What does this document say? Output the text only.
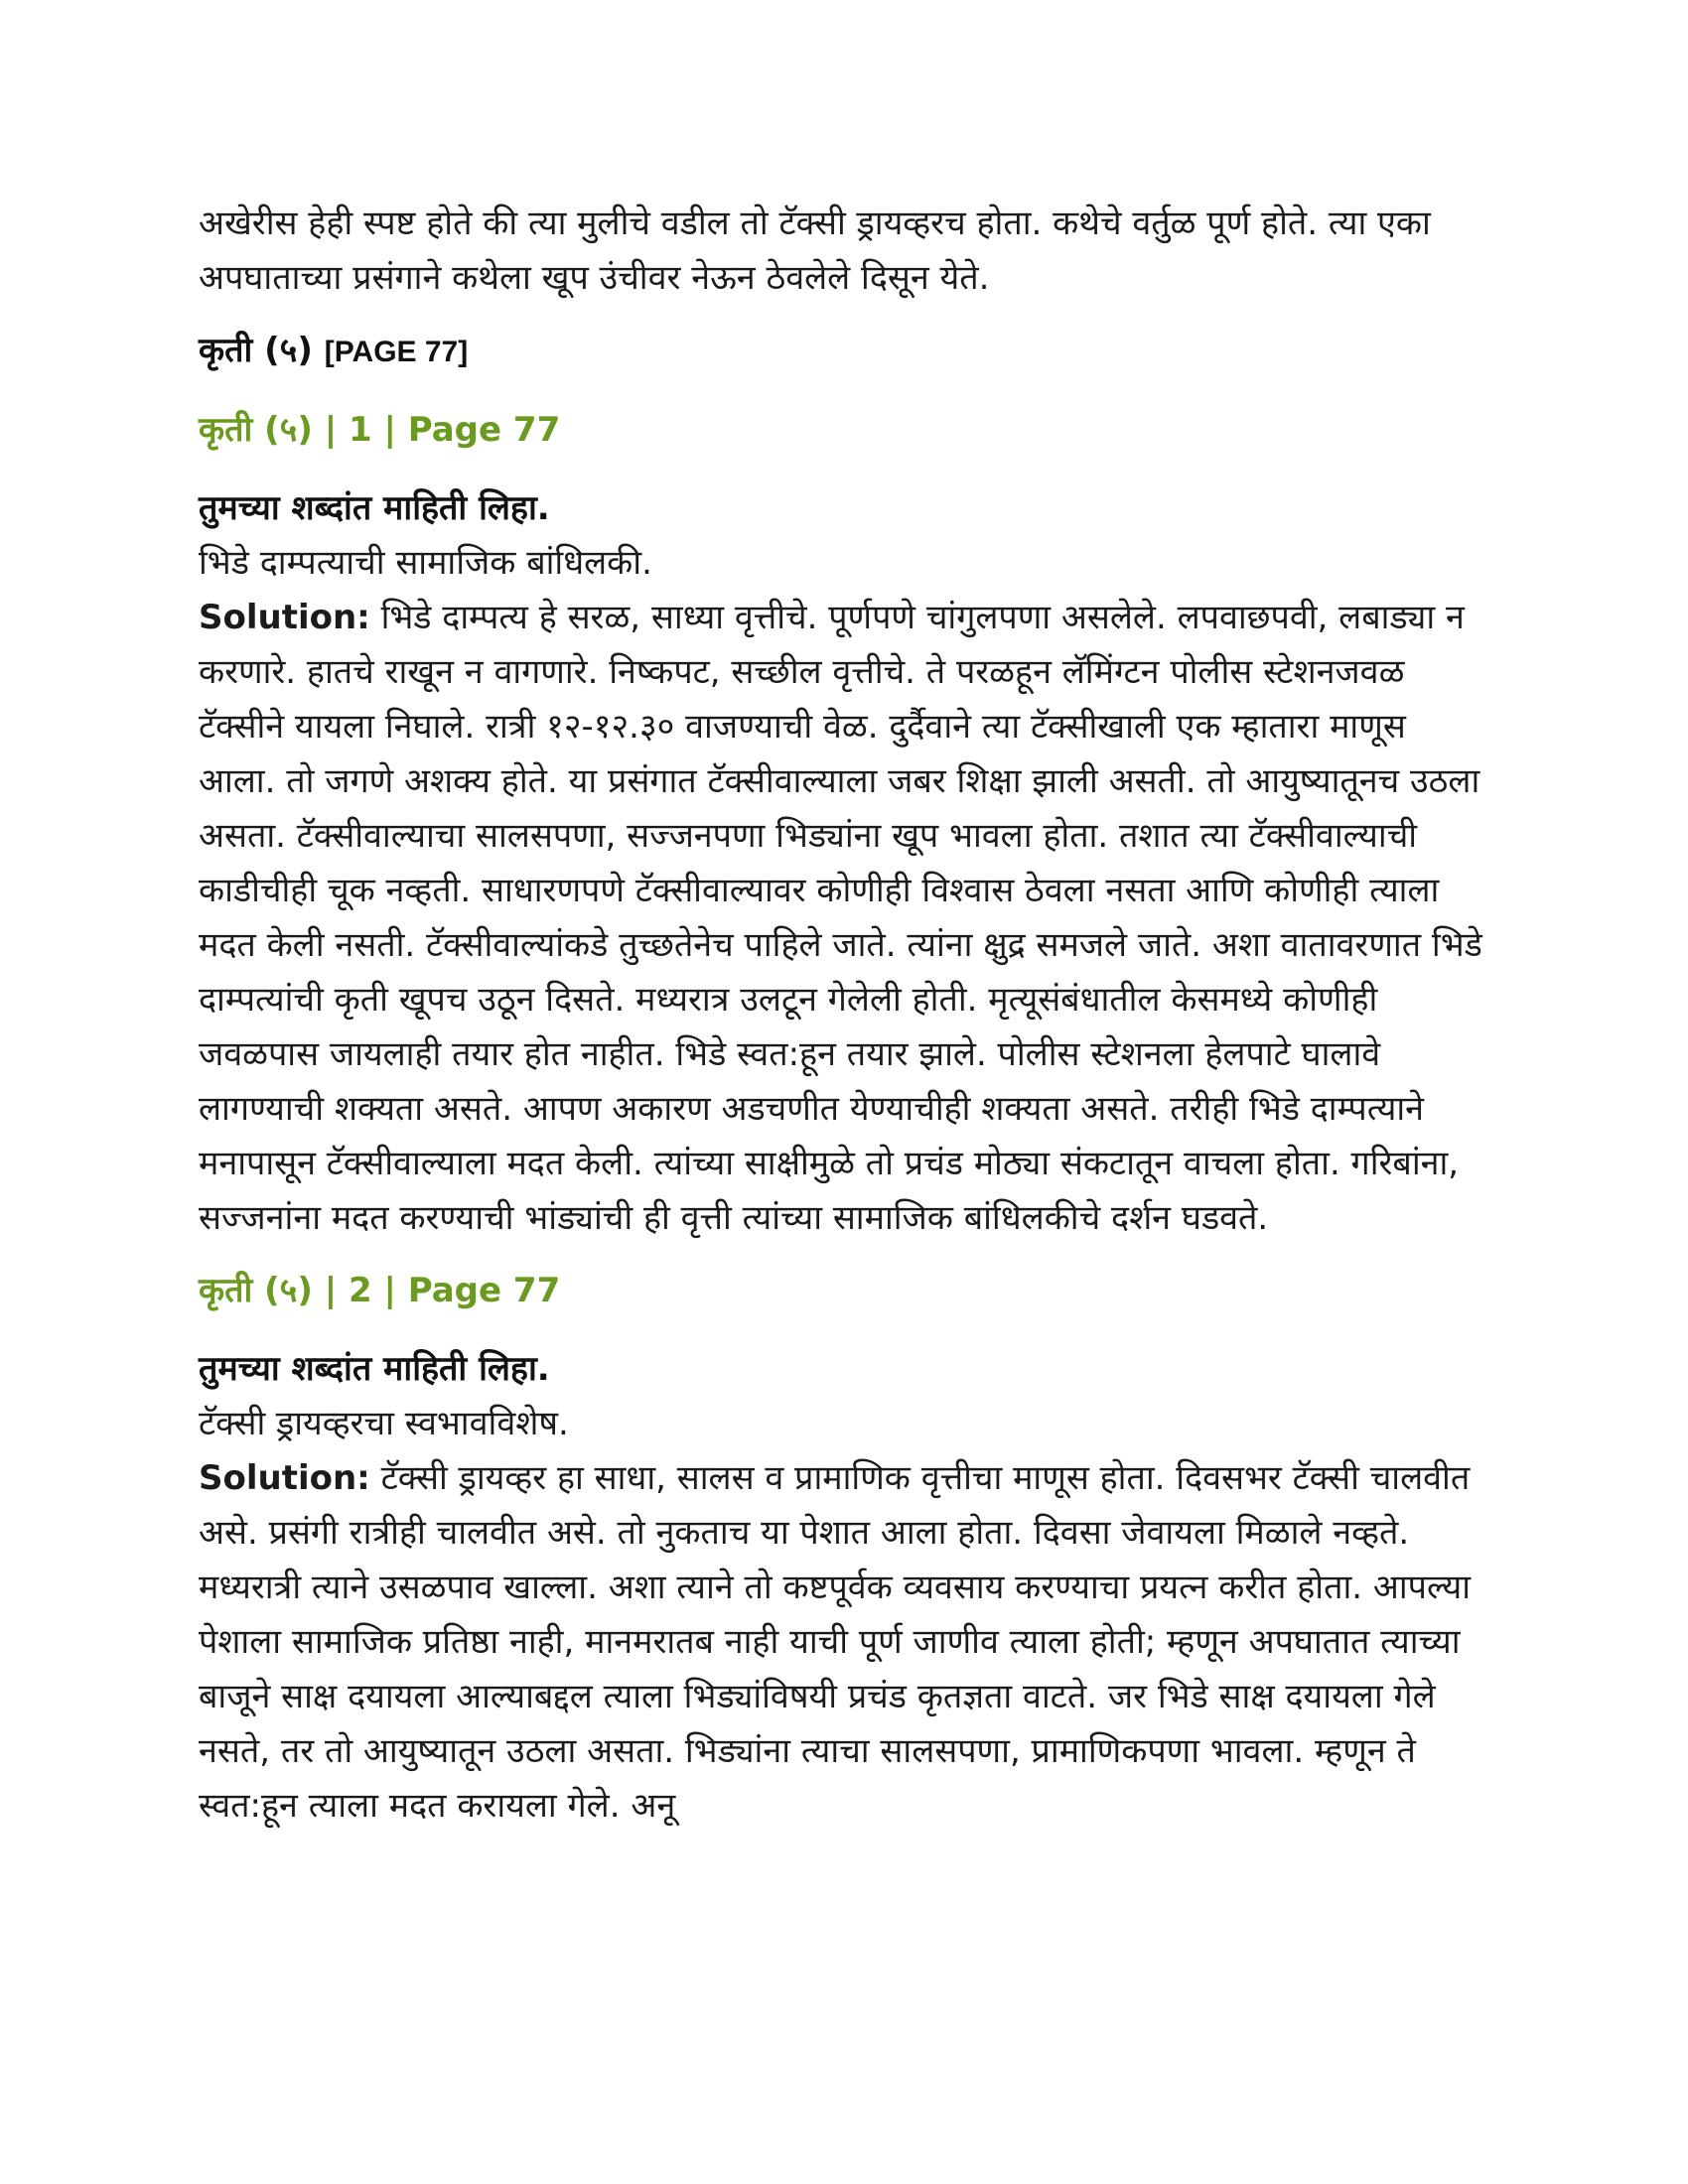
अखेरीस हेही स्पष्ट होते की त्या मुलीचे वडील तो टॅक्सी ड्रायव्हरच होता. कथेचे वर्तुळ पूर्ण होते. त्या एका अपघाताच्या प्रसंगाने कथेला खूप उंचीवर नेऊन ठेवलेले दिसून येते.

कृती (५) [PAGE 77]
कृती (५) | 1 | Page 77

तुमच्या शब्दांत माहिती लिहा.

भिडे दाम्पत्याची सामाजिक बांधिलकी.

Solution: भिडे दाम्पत्य हे सरळ, साध्या वृत्तीचे. पूर्णपणे चांगुलपणा असलेले. लपवाछपवी, लबाड्या न करणारे. हातचे राखून न वागणारे. निष्कपट, सच्छील वृत्तीचे. ते परळहून लॅमिंग्टन पोलीस स्टेशनजवळ टॅक्सीने यायला निघाले. रात्री १२-१२.३० वाजण्याची वेळ. दुर्दैवाने त्या टॅक्सीखाली एक म्हातारा माणूस आला. तो जगणे अशक्य होते. या प्रसंगात टॅक्सीवाल्याला जबर शिक्षा झाली असती. तो आयुष्यातूनच उठला असता. टॅक्सीवाल्याचा सालसपणा, सज्जनपणा भिड्यांना खूप भावला होता. तशात त्या टॅक्सीवाल्याची काडीचीही चूक नव्हती. साधारणपणे टॅक्सीवाल्यावर कोणीही विश्वास ठेवला नसता आणि कोणीही त्याला मदत केली नसती. टॅक्सीवाल्यांकडे तुच्छतेनेच पाहिले जाते. त्यांना क्षुद्र समजले जाते. अशा वातावरणात भिडे दाम्पत्यांची कृती खूपच उठून दिसते. मध्यरात्र उलटून गेलेली होती. मृत्यूसंबंधातील केसमध्ये कोणीही जवळपास जायलाही तयार होत नाहीत. भिडे स्वत:हून तयार झाले. पोलीस स्टेशनला हेलपाटे घालावे लागण्याची शक्यता असते. आपण अकारण अडचणीत येण्याचीही शक्यता असते. तरीही भिडे दाम्पत्याने मनापासून टॅक्सीवाल्याला मदत केली. त्यांच्या साक्षीमुळे तो प्रचंड मोठ्या संकटातून वाचला होता. गरिबांना, सज्जनांना मदत करण्याची भांड्यांची ही वृत्ती त्यांच्या सामाजिक बांधिलकीचे दर्शन घडवते.

कृती (५) | 2 | Page 77

तुमच्या शब्दांत माहिती लिहा.

टॅक्सी ड्रायव्हरचा स्वभावविशेष.

Solution: टॅक्सी ड्रायव्हर हा साधा, सालस व प्रामाणिक वृत्तीचा माणूस होता. दिवसभर टॅक्सी चालवीत असे. प्रसंगी रात्रीही चालवीत असे. तो नुकताच या पेशात आला होता. दिवसा जेवायला मिळाले नव्हते. मध्यरात्री त्याने उसळपाव खाल्ला. अशा त्याने तो कष्टपूर्वक व्यवसाय करण्याचा प्रयत्न करीत होता. आपल्या पेशाला सामाजिक प्रतिष्ठा नाही, मानमरातब नाही याची पूर्ण जाणीव त्याला होती; म्हणून अपघातात त्याच्या बाजूने साक्ष दयायला आल्याबद्दल त्याला भिड्यांविषयी प्रचंड कृतज्ञता वाटते. जर भिडे साक्ष दयायला गेले नसते, तर तो आयुष्यातून उठला असता. भिड्यांना त्याचा सालसपणा, प्रामाणिकपणा भावला. म्हणून ते स्वत:हून त्याला मदत करायला गेले. अनू
